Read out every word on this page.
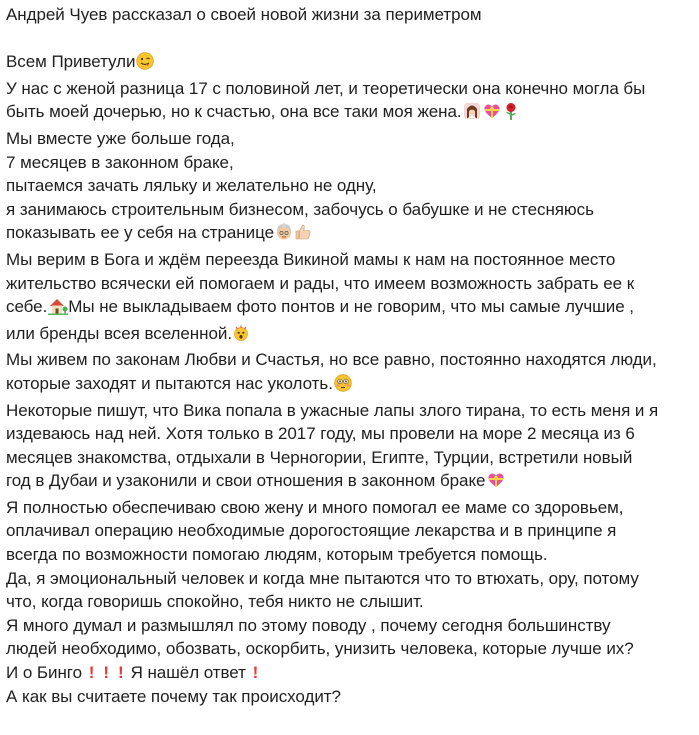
Андрей Чуев рассказал о своей новой жизни за периметром
Всем Приветули
У нас с женой разница 17 с половиной лет, и теоретически она конечно могла бы
быть моей дочерью, но к счастью, она все таки моя жена.
Мы вместе уже больше года,
7 месяцев в законном браке,
пытаемся зачать ляльку и желательно не одну,
я занимаюсь строительным бизнесом, забочусь о бабушке и не стесняюсь
показывать ее у себя на странице
Мы верим в Бога и ждём переезда Викиной мамы к нам на постоянное место
жительство всячески ей помогаем и рады, что имеем возможность забрать ее к
себе. Мы не выкладываем фото понтов и не говорим, что мы самые лучшие ,
или бренды всея вселенной.
Мы живем по законам Любви и Счастья, но все равно, постоянно находятся люди,
которые заходят и пытаются нас уколоть.
Некоторые пишут, что Вика попала в ужасные лапы злого тирана, то есть меня и я
издеваюсь над ней. Хотя только в 2017 году, мы провели на море 2 месяца из 6
месяцев знакомства, отдыхали в Черногории, Египте, Турции, встретили новый
год в Дубаи и узаконили и свои отношения в законном браке
Я полностью обеспечиваю свою жену и много помогал ее маме со здоровьем,
оплачивал операцию необходимые дорогостоящие лекарства и в принципе я
всегда по возможности помогаю людям, которым требуется помощь.
Да, я эмоциональный человек и когда мне пытаются что то втюхать, ору, потому
что, когда говоришь спокойно, тебя никто не слышит.
Я много думал и размышлял по этому поводу , почему сегодня большинству
людей необходимо, обозвать, оскорбить, унизить человека, которые лучше их?
И о Бинго ! ! ! Я нашёл ответ !
А как вы считаете почему так происходит?
